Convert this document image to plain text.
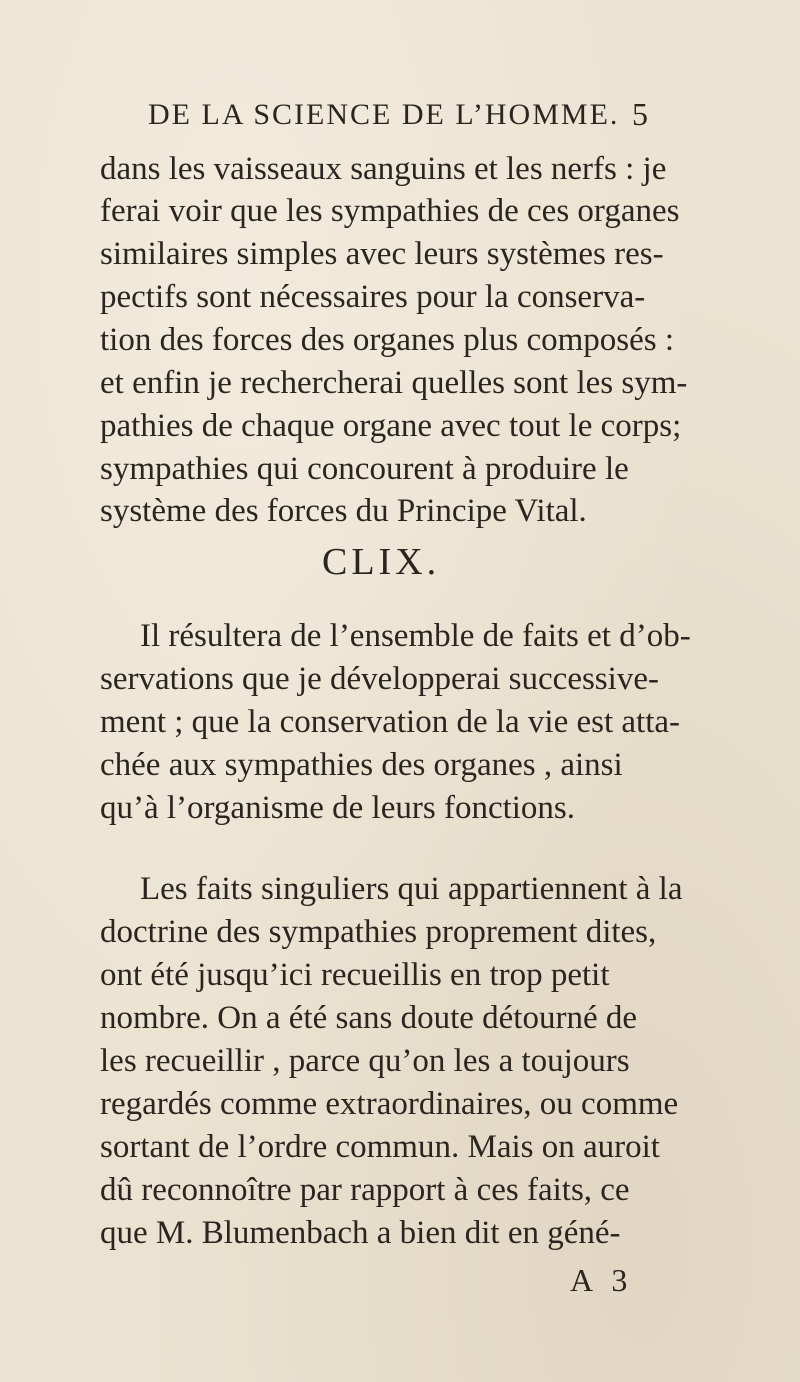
DE LA SCIENCE DE L’HOMME. 5
dans les vaisseaux sanguins et les nerfs : je
ferai voir que les sympathies de ces organes
similaires simples avec leurs systèmes res-
pectifs sont nécessaires pour la conserva-
tion des forces des organes plus composés :
et enfin je rechercherai quelles sont les sym-
pathies de chaque organe avec tout le corps;
sympathies qui concourent à produire le
système des forces du Principe Vital.
CLIX.
Il résultera de l’ensemble de faits et d’ob-
servations que je développerai successive-
ment ; que la conservation de la vie est atta-
chée aux sympathies des organes , ainsi
qu’à l’organisme de leurs fonctions.
Les faits singuliers qui appartiennent à la
doctrine des sympathies proprement dites,
ont été jusqu’ici recueillis en trop petit
nombre. On a été sans doute détourné de
les recueillir , parce qu’on les a toujours
regardés comme extraordinaires, ou comme
sortant de l’ordre commun. Mais on auroit
dû reconnoître par rapport à ces faits, ce
que M. Blumenbach a bien dit en géné-
A 3
